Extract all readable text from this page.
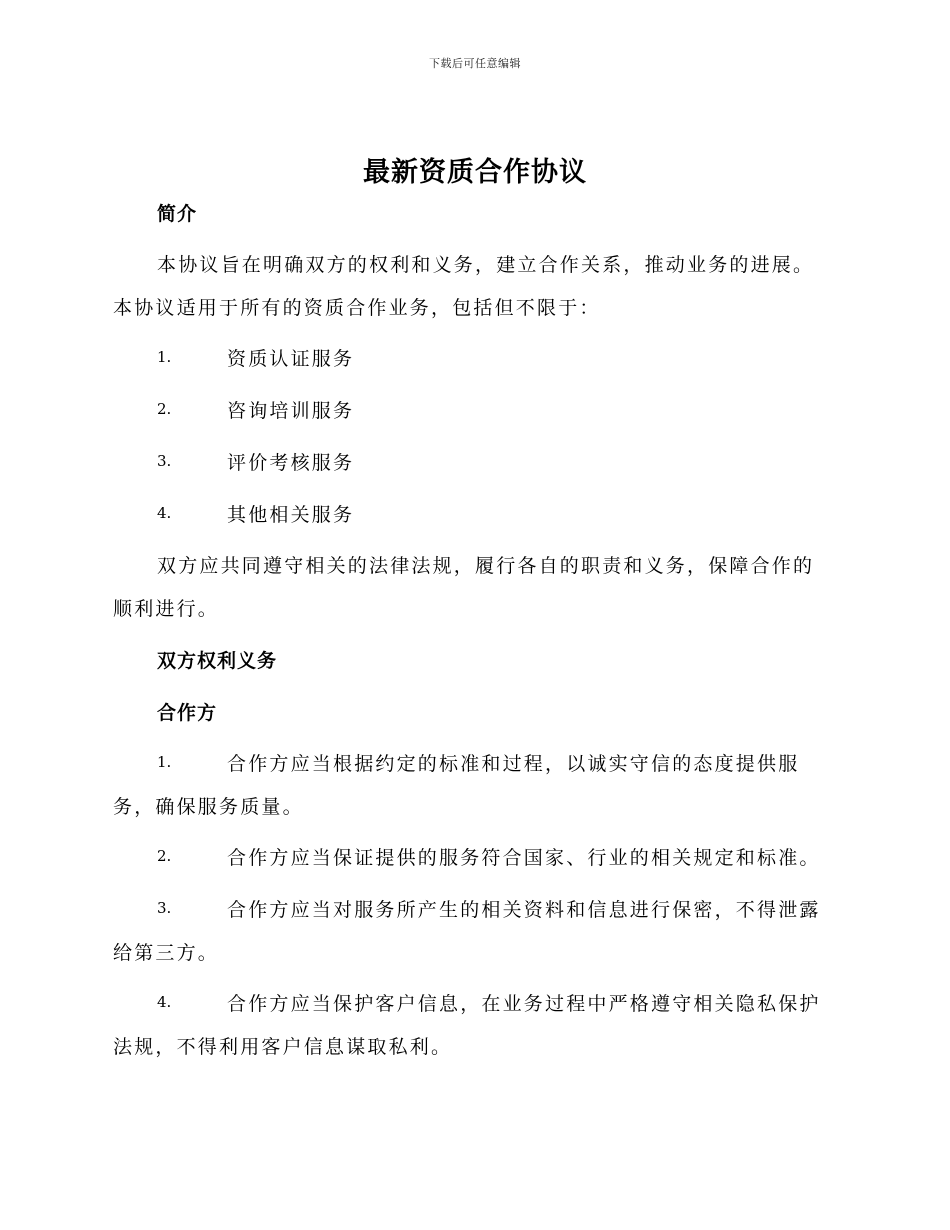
下载后可任意编辑
最新资质合作协议
简介
本协议旨在明确双方的权利和义务，建立合作关系，推动业务的进展。
本协议适用于所有的资质合作业务，包括但不限于：
1.	资质认证服务
2.	咨询培训服务
3.	评价考核服务
4.	其他相关服务
双方应共同遵守相关的法律法规，履行各自的职责和义务，保障合作的
顺利进行。
双方权利义务
合作方
1.	合作方应当根据约定的标准和过程，以诚实守信的态度提供服
务，确保服务质量。
2.	合作方应当保证提供的服务符合国家、行业的相关规定和标准。
3.	合作方应当对服务所产生的相关资料和信息进行保密，不得泄露
给第三方。
4.	合作方应当保护客户信息，在业务过程中严格遵守相关隐私保护
法规，不得利用客户信息谋取私利。
